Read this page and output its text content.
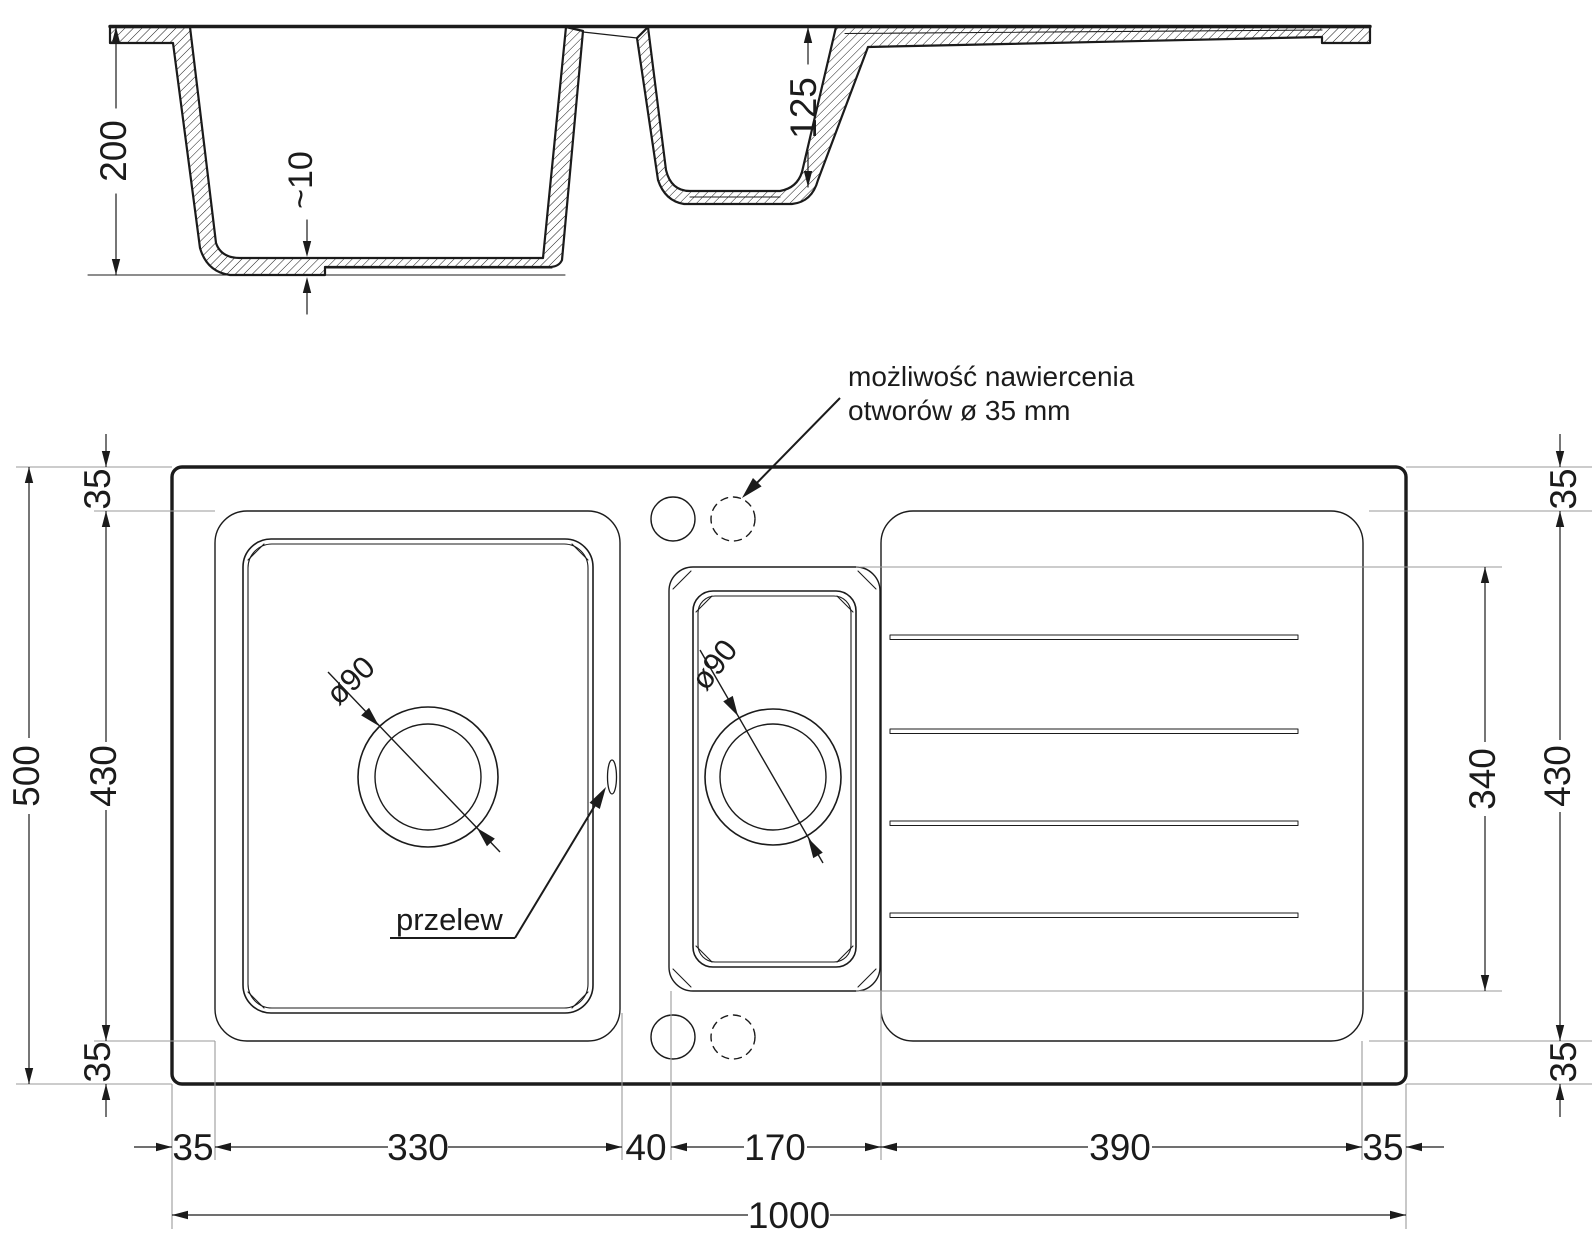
200	~10
125
500 430
35
35
430
340
35
35
35	330	40 170	390	35
1000
możliwość nawiercenia
otworów ø 35 mm
przelew
ø90	ø90
